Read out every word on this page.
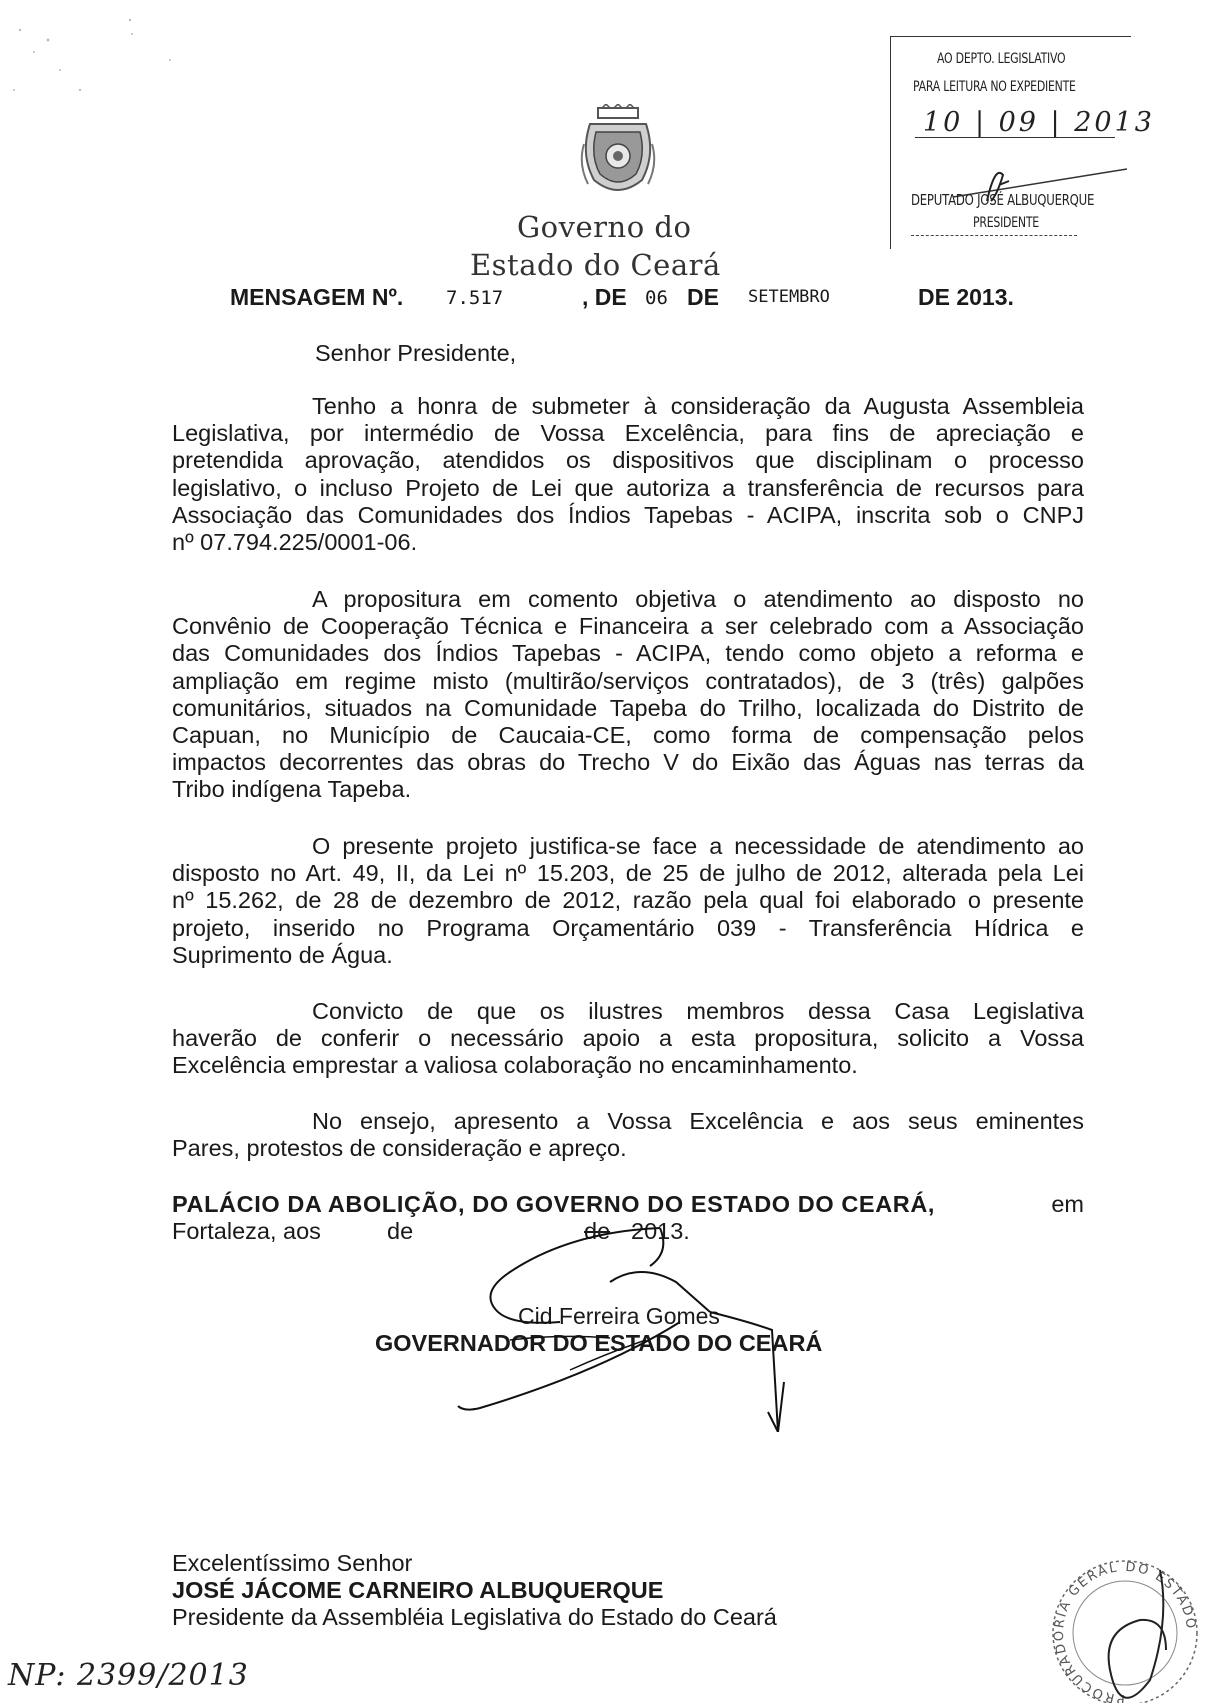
Governo do
Estado do Ceará
AO DEPTO. LEGISLATIVO
PARA LEITURA NO EXPEDIENTE
10 | 09 | 2013
DEPUTADO JOSÉ ALBUQUERQUE
PRESIDENTE
MENSAGEM Nº. 7.517	, DE 06 DE SETEMBRO	DE 2013.
Senhor Presidente,
Tenho a honra de submeter à consideração da Augusta Assembleia
Legislativa, por intermédio de Vossa Excelência, para fins de apreciação e
pretendida aprovação, atendidos os dispositivos que disciplinam o processo
legislativo, o incluso Projeto de Lei que autoriza a transferência de recursos para
Associação das Comunidades dos Índios Tapebas - ACIPA, inscrita sob o CNPJ
nº 07.794.225/0001-06.
A propositura em comento objetiva o atendimento ao disposto no
Convênio de Cooperação Técnica e Financeira a ser celebrado com a Associação
das Comunidades dos Índios Tapebas - ACIPA, tendo como objeto a reforma e
ampliação em regime misto (multirão/serviços contratados), de 3 (três) galpões
comunitários, situados na Comunidade Tapeba do Trilho, localizada do Distrito de
Capuan, no Município de Caucaia-CE, como forma de compensação pelos
impactos decorrentes das obras do Trecho V do Eixão das Águas nas terras da
Tribo indígena Tapeba.
O presente projeto justifica-se face a necessidade de atendimento ao
disposto no Art. 49, II, da Lei nº 15.203, de 25 de julho de 2012, alterada pela Lei
nº 15.262, de 28 de dezembro de 2012, razão pela qual foi elaborado o presente
projeto, inserido no Programa Orçamentário 039 - Transferência Hídrica e
Suprimento de Água.
Convicto de que os ilustres membros dessa Casa Legislativa
haverão de conferir o necessário apoio a esta propositura, solicito a Vossa
Excelência emprestar a valiosa colaboração no encaminhamento.
No ensejo, apresento a Vossa Excelência e aos seus eminentes
Pares, protestos de consideração e apreço.
PALÁCIO DA ABOLIÇÃO, DO GOVERNO DO ESTADO DO CEARÁ,	em
Fortaleza, aos	de	de 2013.
Cid Ferreira Gomes
GOVERNADOR DO ESTADO DO CEARÁ
Excelentíssimo Senhor
JOSÉ JÁCOME CARNEIRO ALBUQUERQUE
Presidente da Assembléia Legislativa do Estado do Ceará
NP: 2399/2013
PROCURADORIA GERAL DO ESTADO
